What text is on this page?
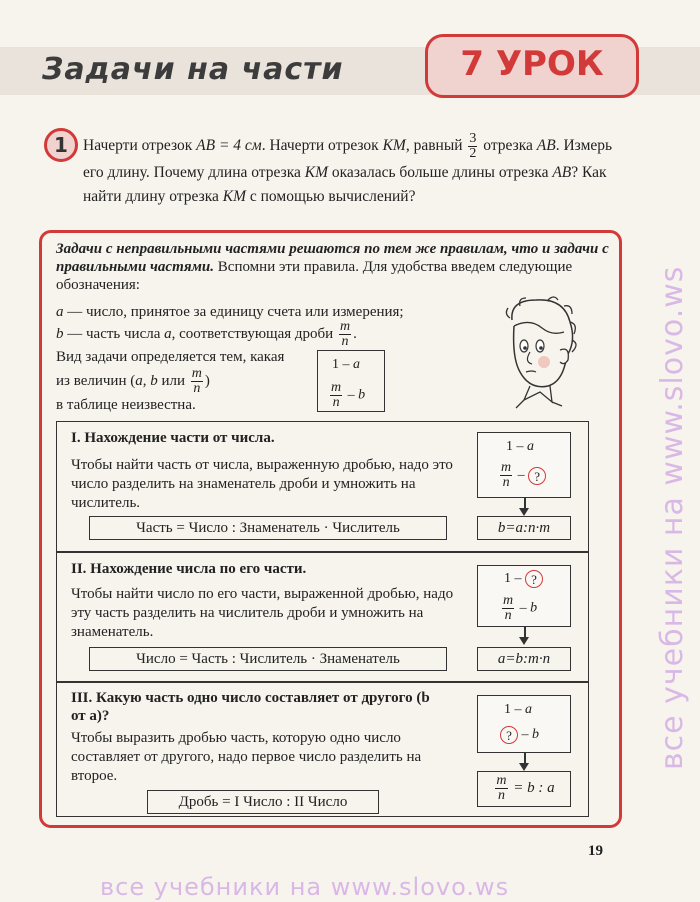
Задачи на части	7 УРОК
1 Начерти отрезок AB = 4 см. Начерти отрезок KM, равный $\frac{3}{2}$ отрезка AB. Измерь его длину. Почему длина отрезка KM оказалась больше длины отрезка AB? Как найти длину отрезка KM с помощью вычислений?
Задачи с неправильными частями решаются по тем же правилам, что и задачи с правильными частями. Вспомни эти правила. Для удобства введем следующие обозначения:
a — число, принятое за единицу счета или измерения;
b — часть числа a, соответствующая дроби $\frac{m}{n}$ .
Вид задачи определяется тем, какая из величин (a, b или $\frac{m}{n}$ )
в таблице неизвестна.
1 – a
$\frac{m}{n}$ – b
I. Нахождение части от числа.
Чтобы найти часть от числа, выраженную дробью, надо это число разделить на знаменатель дроби и умножить на числитель.
Часть = Число : Знаменатель · Числитель
1 – a
$\frac{m}{n}$ – ?
b=a:n·m
II. Нахождение числа по его части.
Чтобы найти число по его части, выраженной дробью, надо эту часть разделить на числитель дроби и умножить на знаменатель.
Число = Часть : Числитель · Знаменатель
1 – ?
$\frac{m}{n}$ – b
a=b:m·n
III. Какую часть одно число составляет от другого (b от a)?
Чтобы выразить дробью часть, которую одно число составляет от другого, надо первое число разделить на второе.
Дробь = I Число : II Число
1 – a
? – b
$\frac{m}{n} = b$ : a
19
все учебники на www.slovo.ws
все учебники на www.slovo.ws
